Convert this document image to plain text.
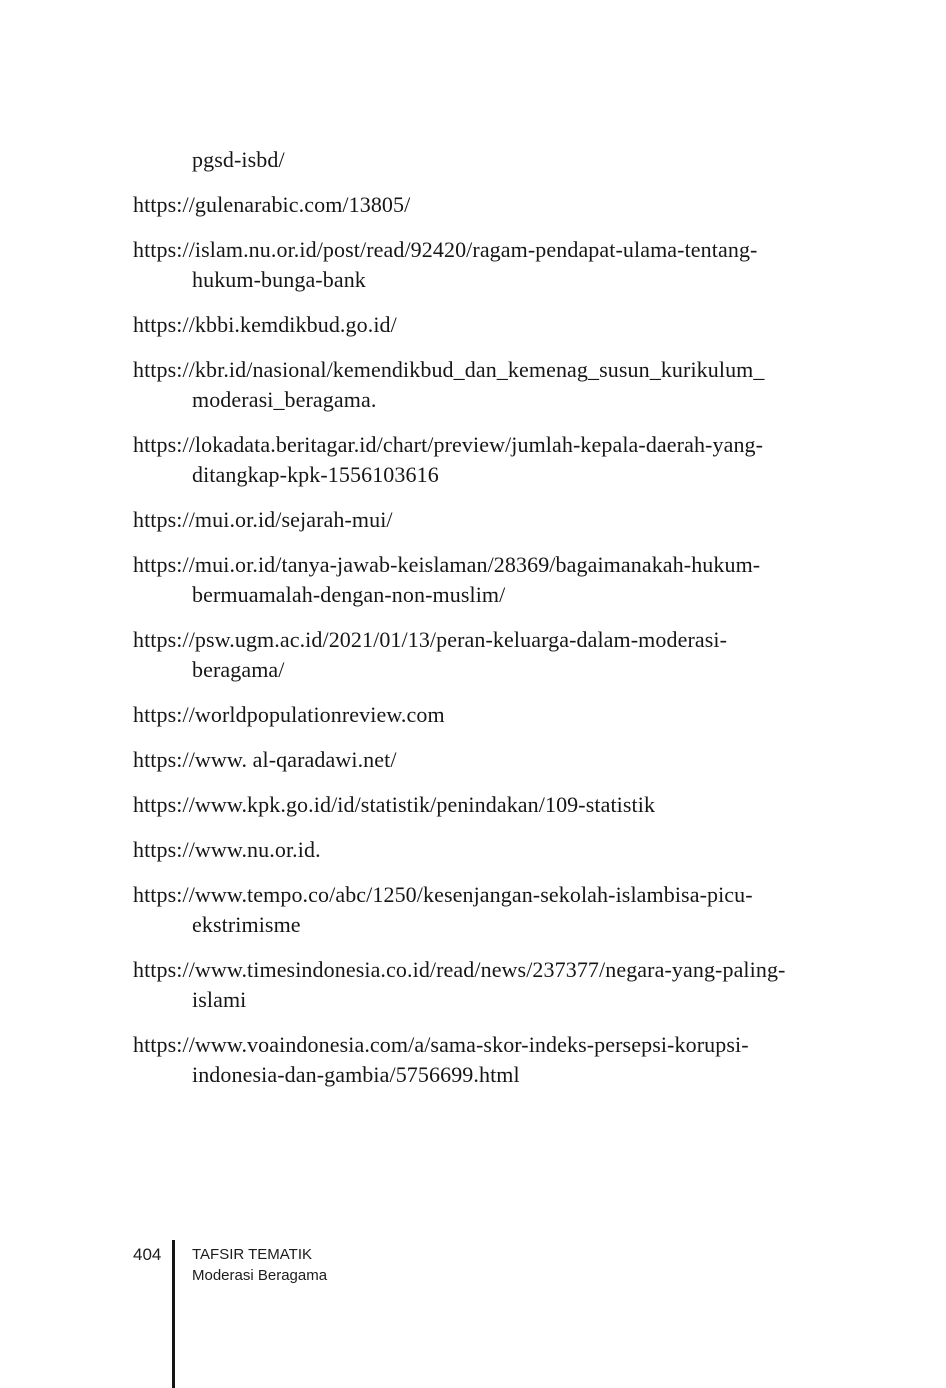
pgsd-isbd/
https://gulenarabic.com/13805/
https://islam.nu.or.id/post/read/92420/ragam-pendapat-ulama-tentang-
hukum-bunga-bank
https://kbbi.kemdikbud.go.id/
https://kbr.id/nasional/kemendikbud_dan_kemenag_susun_kurikulum_
moderasi_beragama.
https://lokadata.beritagar.id/chart/preview/jumlah-kepala-daerah-yang-
ditangkap-kpk-1556103616
https://mui.or.id/sejarah-mui/
https://mui.or.id/tanya-jawab-keislaman/28369/bagaimanakah-hukum-
bermuamalah-dengan-non-muslim/
https://psw.ugm.ac.id/2021/01/13/peran-keluarga-dalam-moderasi-
beragama/
https://worldpopulationreview.com
https://www. al-qaradawi.net/
https://www.kpk.go.id/id/statistik/penindakan/109-statistik
https://www.nu.or.id.
https://www.tempo.co/abc/1250/kesenjangan-sekolah-islambisa-picu-
ekstrimisme
https://www.timesindonesia.co.id/read/news/237377/negara-yang-paling-
islami
https://www.voaindonesia.com/a/sama-skor-indeks-persepsi-korupsi-
indonesia-dan-gambia/5756699.html
404 TAFSIR TEMATIK
Moderasi Beragama
